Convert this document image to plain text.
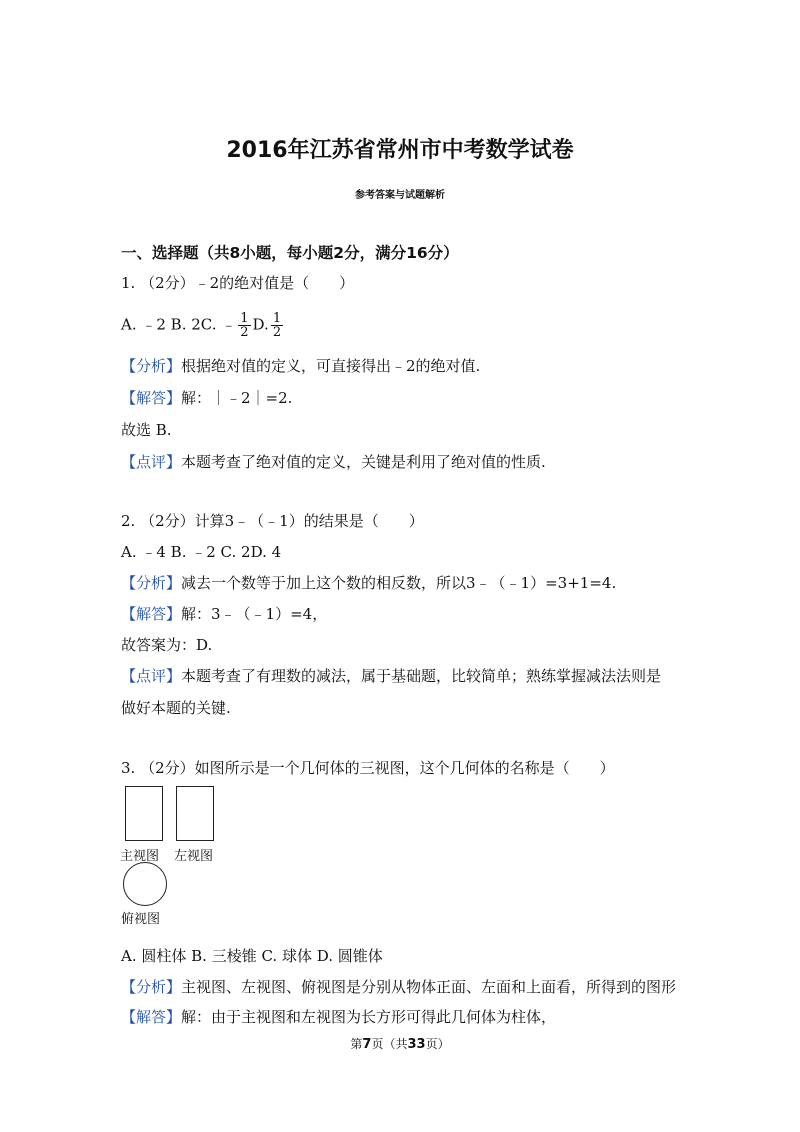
2016年江苏省常州市中考数学试卷
参考答案与试题解析
一、选择题（共8小题，每小题2分，满分16分）
1. （2分）﹣2的绝对值是（　　）
A. ﹣2 B. 2C. ﹣ $\frac{1}{2} D$. $\frac{1}{2}$
【分析】根据绝对值的定义，可直接得出﹣2的绝对值.
【解答】解：｜﹣2｜=2.
故选 B.
【点评】本题考查了绝对值的定义，关键是利用了绝对值的性质.
2. （2分）计算3﹣（﹣1）的结果是（　　）
A. ﹣4 B. ﹣2 C. 2D. 4
【分析】减去一个数等于加上这个数的相反数，所以3﹣（﹣1）=3+1=4.
【解答】解：3﹣（﹣1）=4，
故答案为：D.
【点评】本题考查了有理数的减法，属于基础题，比较简单；熟练掌握减法法则是
做好本题的关键.
3. （2分）如图所示是一个几何体的三视图，这个几何体的名称是（　　）
主视图 左视图
俯视图
A. 圆柱体 B. 三棱锥 C. 球体 D. 圆锥体
【分析】主视图、左视图、俯视图是分别从物体正面、左面和上面看，所得到的图形
【解答】解：由于主视图和左视图为长方形可得此几何体为柱体，
第7页（共33页）
